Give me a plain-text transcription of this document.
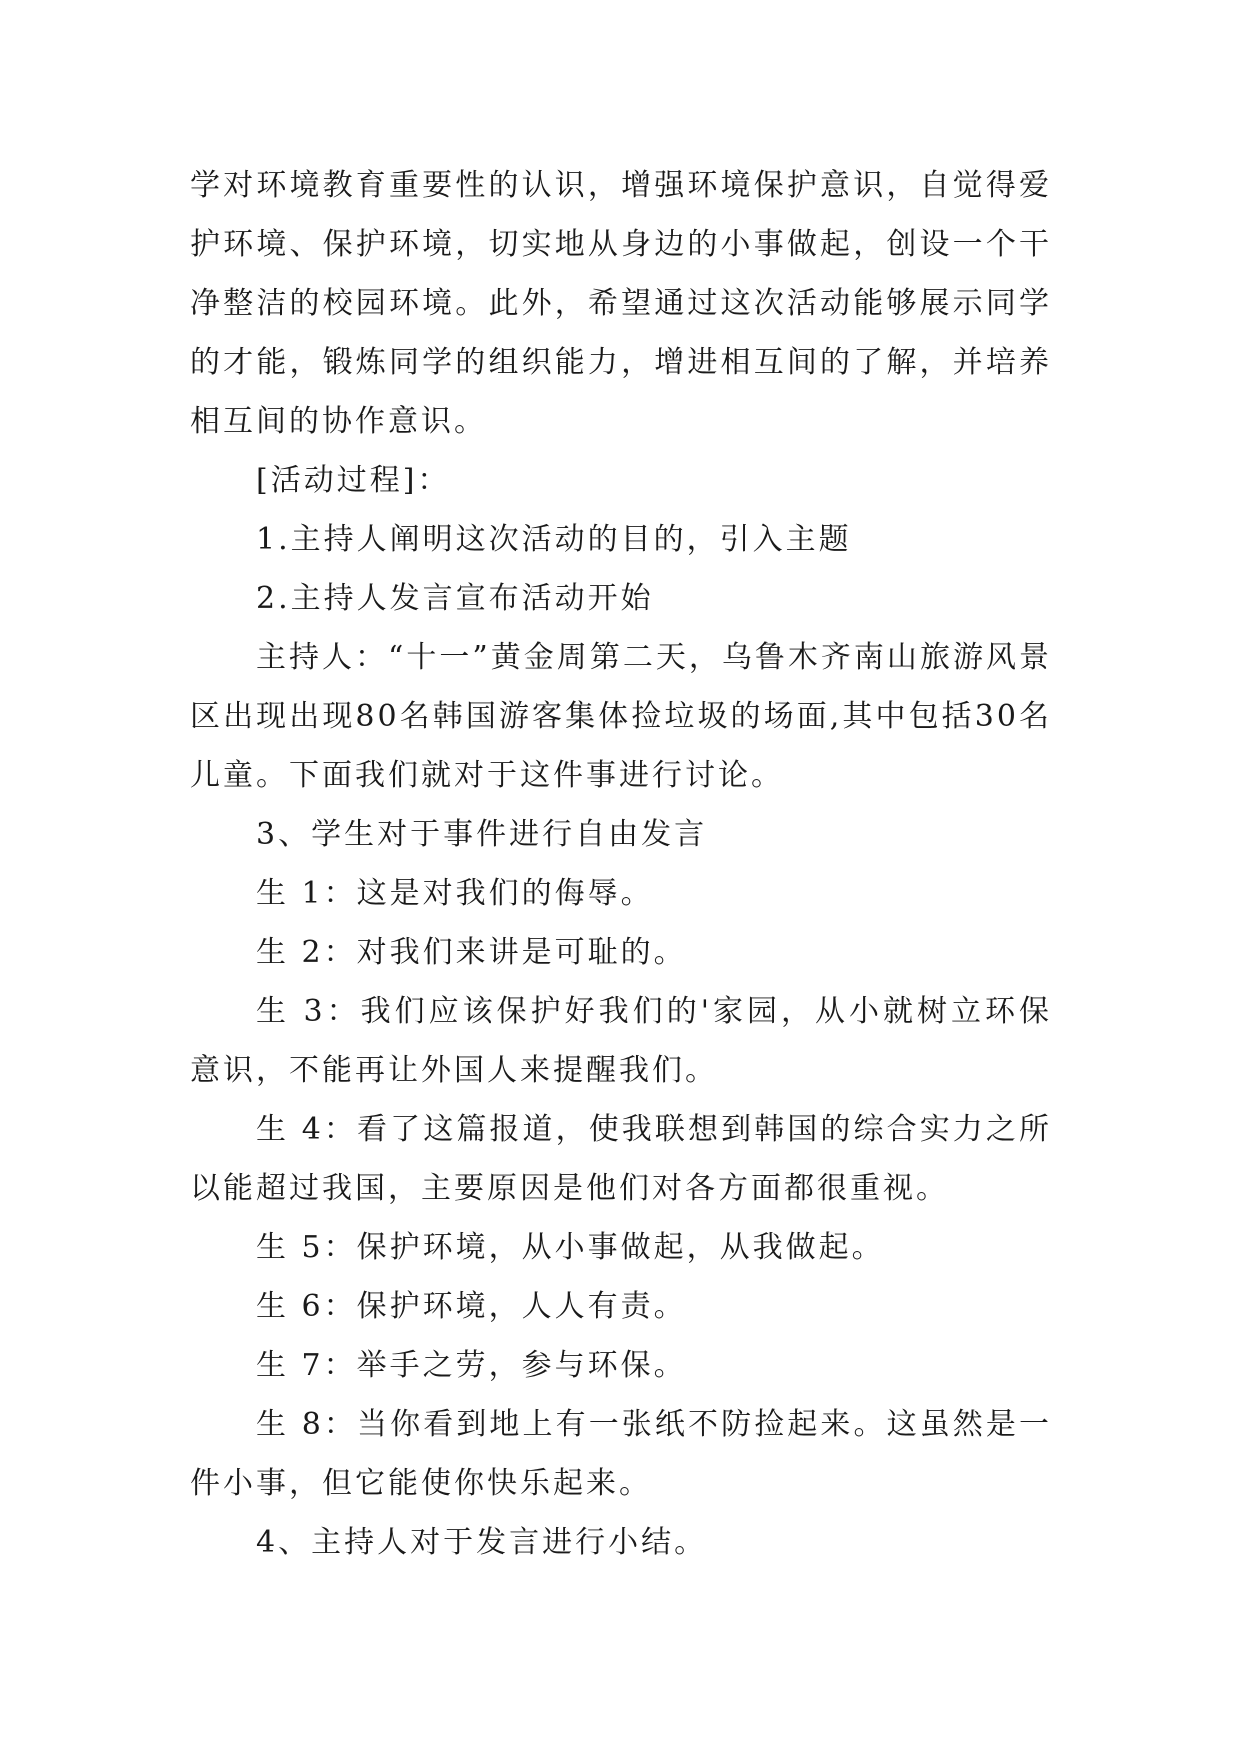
学对环境教育重要性的认识，增强环境保护意识，自觉得爱护环境、保护环境，切实地从身边的小事做起，创设一个干净整洁的校园环境。此外，希望通过这次活动能够展示同学的才能，锻炼同学的组织能力，增进相互间的了解，并培养相互间的协作意识。

[活动过程]：

1.主持人阐明这次活动的目的，引入主题

2.主持人发言宣布活动开始

主持人：“十一”黄金周第二天，乌鲁木齐南山旅游风景区出现出现80名韩国游客集体捡垃圾的场面,其中包括30名儿童。下面我们就对于这件事进行讨论。

3、学生对于事件进行自由发言

生 1：这是对我们的侮辱。

生 2：对我们来讲是可耻的。

生 3：我们应该保护好我们的'家园，从小就树立环保意识，不能再让外国人来提醒我们。

生 4：看了这篇报道，使我联想到韩国的综合实力之所以能超过我国，主要原因是他们对各方面都很重视。

生 5：保护环境，从小事做起，从我做起。

生 6：保护环境，人人有责。

生 7：举手之劳，参与环保。

生 8：当你看到地上有一张纸不防捡起来。这虽然是一件小事，但它能使你快乐起来。

4、主持人对于发言进行小结。
